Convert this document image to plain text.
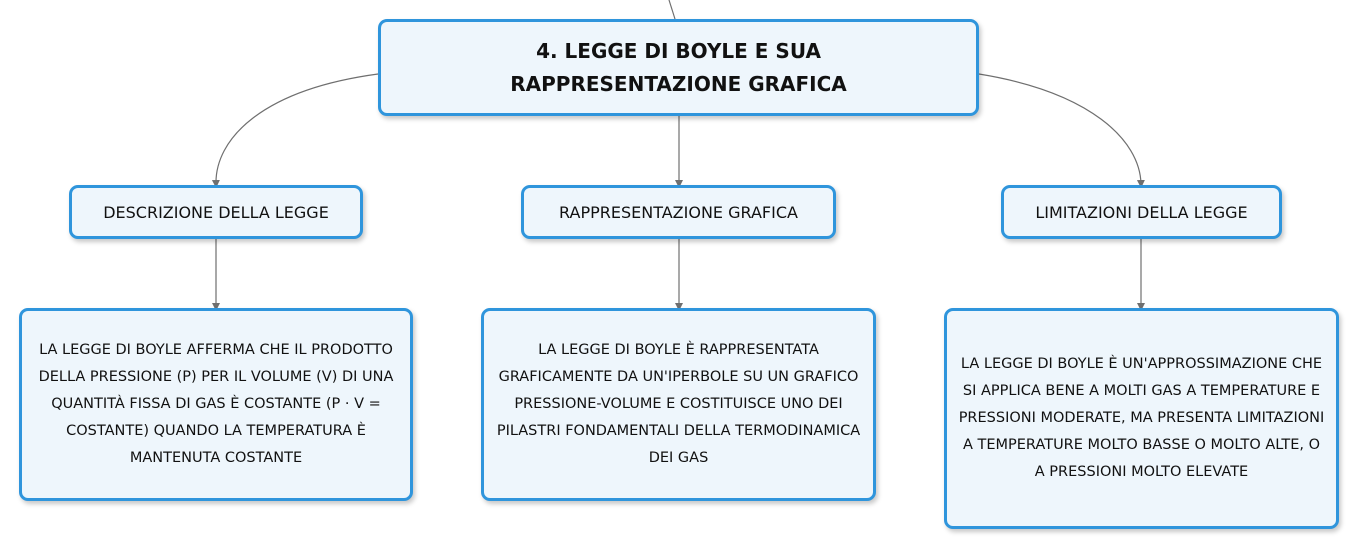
4. LEGGE DI BOYLE E SUA RAPPRESENTAZIONE GRAFICA
DESCRIZIONE DELLA LEGGE	RAPPRESENTAZIONE GRAFICA	LIMITAZIONI DELLA LEGGE
LA LEGGE DI BOYLE AFFERMA CHE IL PRODOTTO DELLA PRESSIONE (P) PER IL VOLUME (V) DI UNA QUANTITÀ FISSA DI GAS È COSTANTE (P · V = COSTANTE) QUANDO LA TEMPERATURA È MANTENUTA COSTANTE
LA LEGGE DI BOYLE È RAPPRESENTATA GRAFICAMENTE DA UN'IPERBOLE SU UN GRAFICO PRESSIONE-VOLUME E COSTITUISCE UNO DEI PILASTRI FONDAMENTALI DELLA TERMODINAMICA DEI GAS
LA LEGGE DI BOYLE È UN'APPROSSIMAZIONE CHE SI APPLICA BENE A MOLTI GAS A TEMPERATURE E PRESSIONI MODERATE, MA PRESENTA LIMITAZIONI A TEMPERATURE MOLTO BASSE O MOLTO ALTE, O A PRESSIONI MOLTO ELEVATE
